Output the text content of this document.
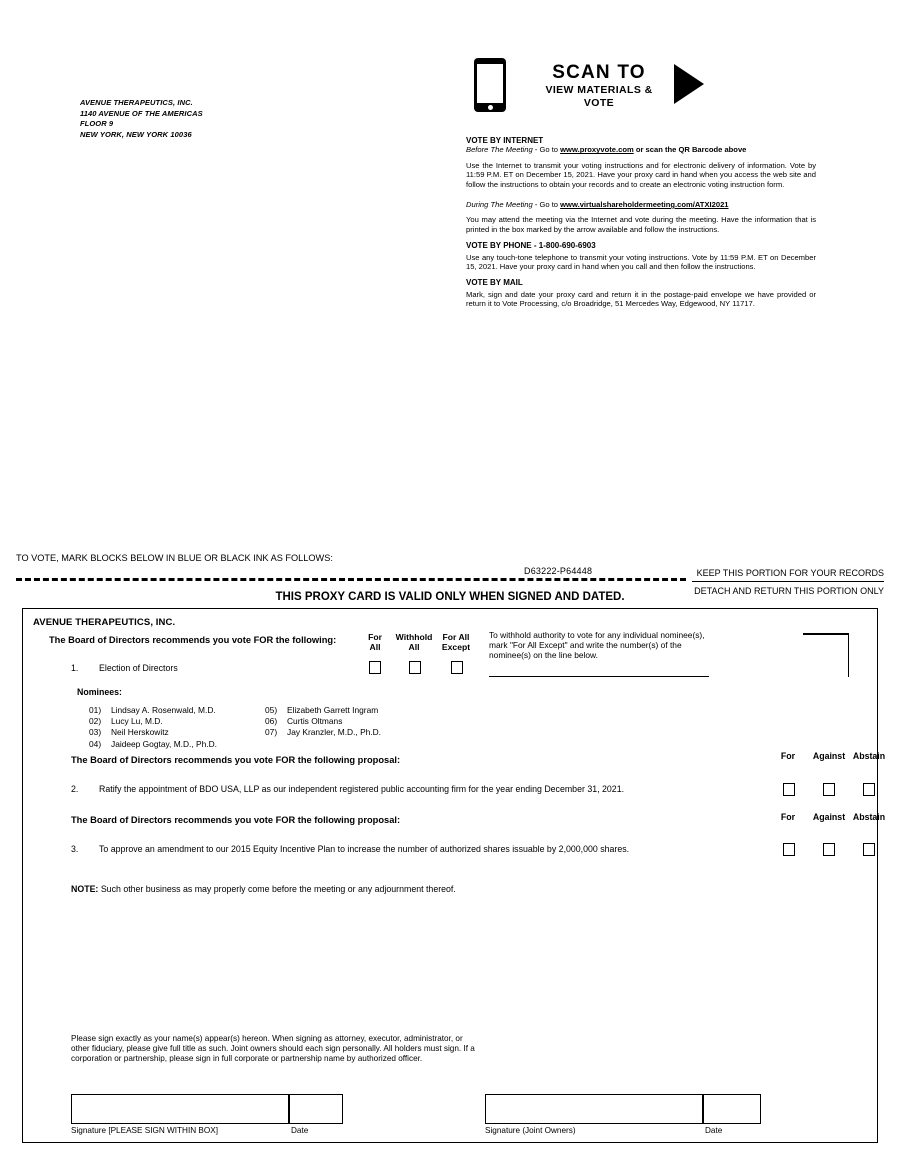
AVENUE THERAPEUTICS, INC.
1140 AVENUE OF THE AMERICAS
FLOOR 9
NEW YORK, NEW YORK 10036
SCAN TO
VIEW MATERIALS & VOTE
VOTE BY INTERNET
Before The Meeting - Go to www.proxyvote.com or scan the QR Barcode above
Use the Internet to transmit your voting instructions and for electronic delivery of information. Vote by 11:59 P.M. ET on December 15, 2021. Have your proxy card in hand when you access the web site and follow the instructions to obtain your records and to create an electronic voting instruction form.
During The Meeting - Go to www.virtualshareholdermeeting.com/ATXI2021
You may attend the meeting via the Internet and vote during the meeting. Have the information that is printed in the box marked by the arrow available and follow the instructions.
VOTE BY PHONE - 1-800-690-6903
Use any touch-tone telephone to transmit your voting instructions. Vote by 11:59 P.M. ET on December 15, 2021. Have your proxy card in hand when you call and then follow the instructions.
VOTE BY MAIL
Mark, sign and date your proxy card and return it in the postage-paid envelope we have provided or return it to Vote Processing, c/o Broadridge, 51 Mercedes Way, Edgewood, NY 11717.
TO VOTE, MARK BLOCKS BELOW IN BLUE OR BLACK INK AS FOLLOWS:
D63222-P64448	KEEP THIS PORTION FOR YOUR RECORDS
DETACH AND RETURN THIS PORTION ONLY
THIS PROXY CARD IS VALID ONLY WHEN SIGNED AND DATED.
AVENUE THERAPEUTICS, INC.
The Board of Directors recommends you vote FOR the following:
1. Election of Directors
For
All
Withhold
All
For All
Except
To withhold authority to vote for any individual nominee(s), mark "For All Except" and write the number(s) of the nominee(s) on the line below.
Nominees:
01) Lindsay A. Rosenwald, M.D.
02) Lucy Lu, M.D.
03) Neil Herskowitz
04) Jaideep Gogtay, M.D., Ph.D.
05) Elizabeth Garrett Ingram
06) Curtis Oltmans
07) Jay Kranzler, M.D., Ph.D.
The Board of Directors recommends you vote FOR the following proposal:	For	Against Abstain
2. Ratify the appointment of BDO USA, LLP as our independent registered public accounting firm for the year ending December 31, 2021.
The Board of Directors recommends you vote FOR the following proposal:	For	Against Abstain
3. To approve an amendment to our 2015 Equity Incentive Plan to increase the number of authorized shares issuable by 2,000,000 shares.
NOTE: Such other business as may properly come before the meeting or any adjournment thereof.
Please sign exactly as your name(s) appear(s) hereon. When signing as attorney, executor, administrator, or other fiduciary, please give full title as such. Joint owners should each sign personally. All holders must sign. If a corporation or partnership, please sign in full corporate or partnership name by authorized officer.
Signature [PLEASE SIGN WITHIN BOX]	Date	Signature (Joint Owners)	Date
